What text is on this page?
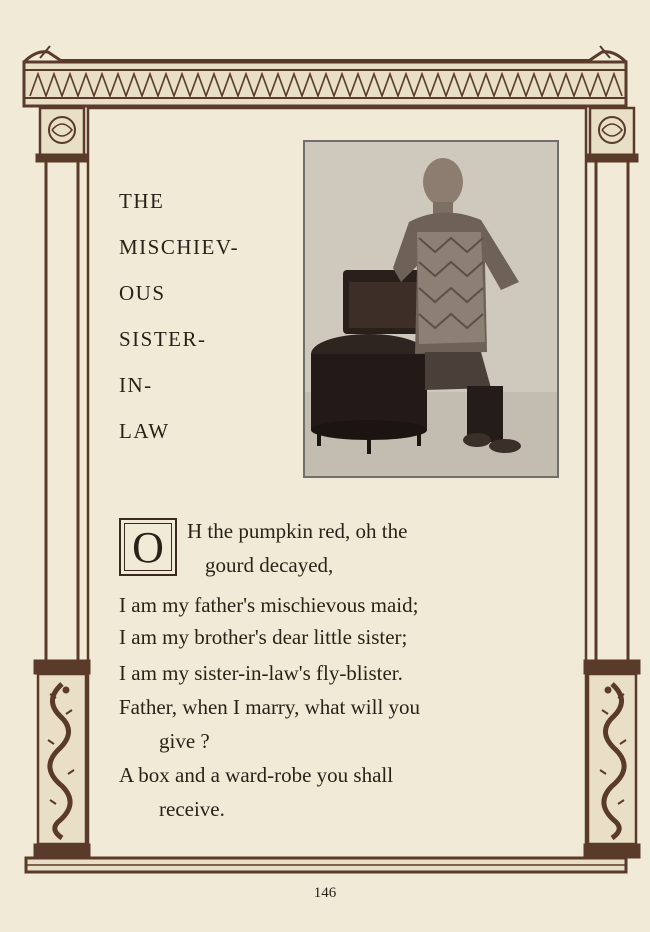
THE
MISCHIEV-
OUS
SISTER-
IN-
LAW
O	H the pumpkin red, oh the
gourd decayed,
I am my father's mischievous maid;
I am my brother's dear little sister;
I am my sister-in-law's fly-blister.
Father, when I marry, what will you
give ?
A box and a ward-robe you shall
receive.
146
